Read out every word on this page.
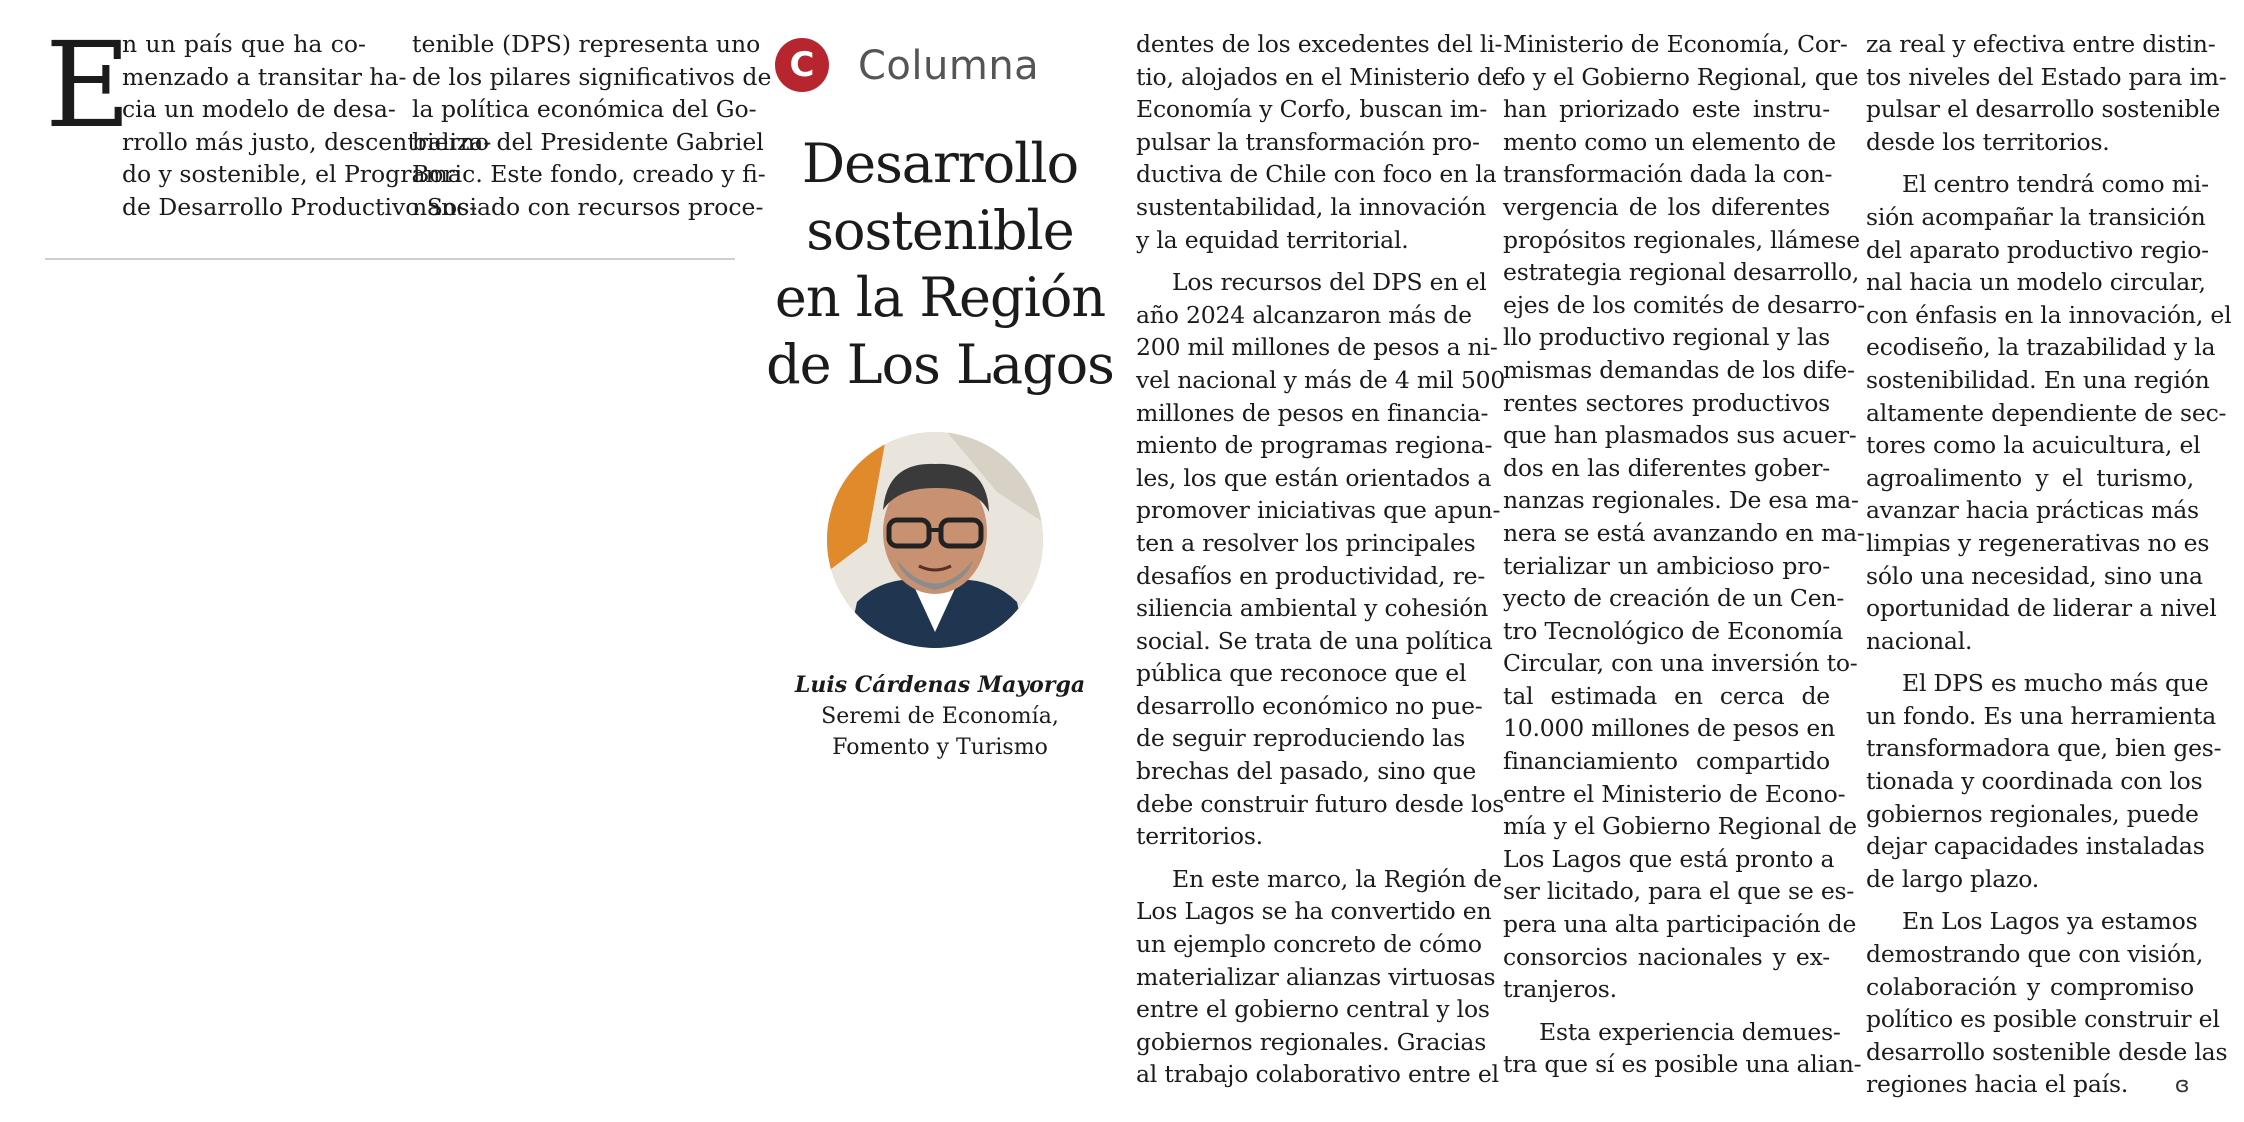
E
n un país que ha co-
menzado a transitar ha-
cia un modelo de desa-
rrollo más justo, descentraliza-
do y sostenible, el Programa
de Desarrollo Productivo Sos-
tenible (DPS) representa uno
de los pilares significativos de
la política económica del Go-
bierno del Presidente Gabriel
Boric. Este fondo, creado y fi-
nanciado con recursos proce-
C	Columna
Desarrollo
sostenible
en la Región
de Los Lagos
Luis Cárdenas Mayorga
Seremi de Economía,
Fomento y Turismo
dentes de los excedentes del li-
tio, alojados en el Ministerio de
Economía y Corfo, buscan im-
pulsar la transformación pro-
ductiva de Chile con foco en la
sustentabilidad, la innovación
y la equidad territorial.
Los recursos del DPS en el
año 2024 alcanzaron más de
200 mil millones de pesos a ni-
vel nacional y más de 4 mil 500
millones de pesos en financia-
miento de programas regiona-
les, los que están orientados a
promover iniciativas que apun-
ten a resolver los principales
desafíos en productividad, re-
siliencia ambiental y cohesión
social. Se trata de una política
pública que reconoce que el
desarrollo económico no pue-
de seguir reproduciendo las
brechas del pasado, sino que
debe construir futuro desde los
territorios.
En este marco, la Región de
Los Lagos se ha convertido en
un ejemplo concreto de cómo
materializar alianzas virtuosas
entre el gobierno central y los
gobiernos regionales. Gracias
al trabajo colaborativo entre el
Ministerio de Economía, Cor-
fo y el Gobierno Regional, que
han priorizado este instru-
mento como un elemento de
transformación dada la con-
vergencia de los diferentes
propósitos regionales, llámese
estrategia regional desarrollo,
ejes de los comités de desarro-
llo productivo regional y las
mismas demandas de los dife-
rentes sectores productivos
que han plasmados sus acuer-
dos en las diferentes gober-
nanzas regionales. De esa ma-
nera se está avanzando en ma-
terializar un ambicioso pro-
yecto de creación de un Cen-
tro Tecnológico de Economía
Circular, con una inversión to-
tal estimada en cerca de
10.000 millones de pesos en
financiamiento compartido
entre el Ministerio de Econo-
mía y el Gobierno Regional de
Los Lagos que está pronto a
ser licitado, para el que se es-
pera una alta participación de
consorcios nacionales y ex-
tranjeros.
Esta experiencia demues-
tra que sí es posible una alian-
za real y efectiva entre distin-
tos niveles del Estado para im-
pulsar el desarrollo sostenible
desde los territorios.
El centro tendrá como mi-
sión acompañar la transición
del aparato productivo regio-
nal hacia un modelo circular,
con énfasis en la innovación, el
ecodiseño, la trazabilidad y la
sostenibilidad. En una región
altamente dependiente de sec-
tores como la acuicultura, el
agroalimento y el turismo,
avanzar hacia prácticas más
limpias y regenerativas no es
sólo una necesidad, sino una
oportunidad de liderar a nivel
nacional.
El DPS es mucho más que
un fondo. Es una herramienta
transformadora que, bien ges-
tionada y coordinada con los
gobiernos regionales, puede
dejar capacidades instaladas
de largo plazo.
En Los Lagos ya estamos
demostrando que con visión,
colaboración y compromiso
político es posible construir el
desarrollo sostenible desde las
regiones hacia el país. ɞ
